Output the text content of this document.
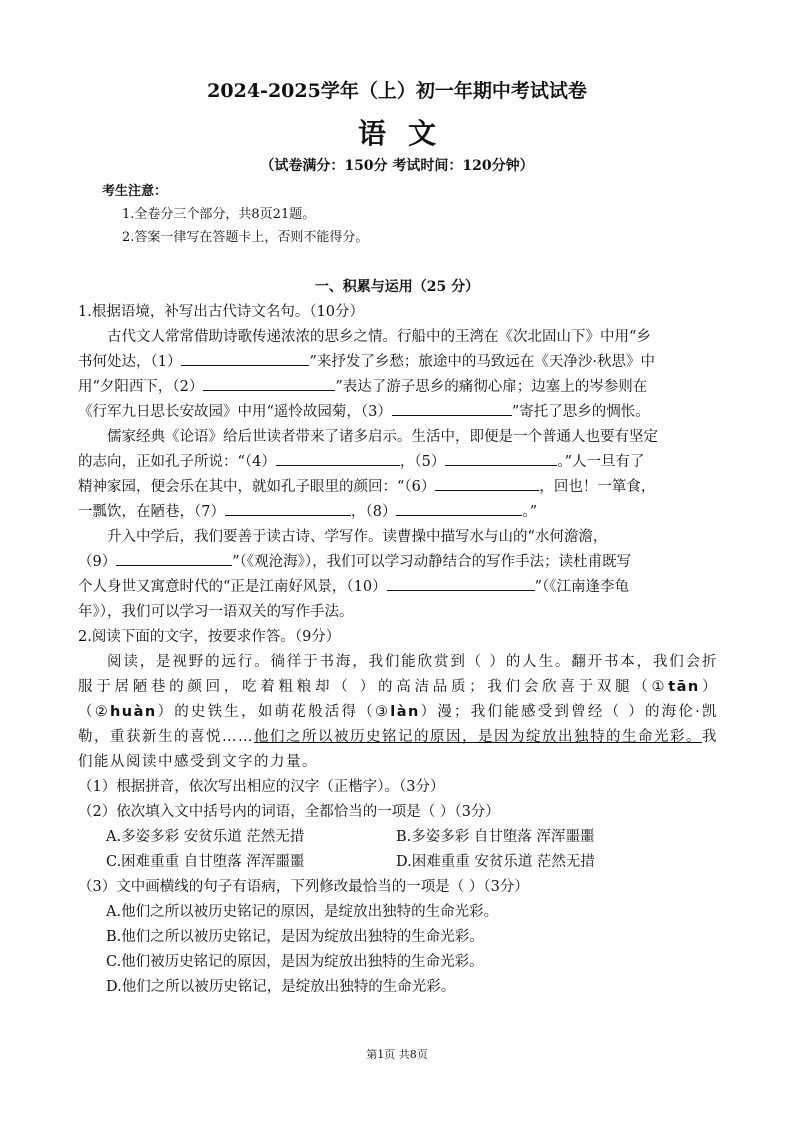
2024-2025学年（上）初一年期中考试试卷
语文
（试卷满分：150分 考试时间：120分钟）
考生注意：
1.全卷分三个部分，共8页21题。
2.答案一律写在答题卡上，否则不能得分。
一、积累与运用（25 分）

1.根据语境，补写出古代诗文名句。（10分）

古代文人常常借助诗歌传递浓浓的思乡之情。行船中的王湾在《次北固山下》中用“乡

书何处达，（1）	”来抒发了乡愁；旅途中的马致远在《天净沙·秋思》中

用“夕阳西下，（2）	”表达了游子思乡的痛彻心扉；边塞上的岑参则在

《行军九日思长安故园》中用“遥怜故园菊，（3）	”寄托了思乡的惆怅。

儒家经典《论语》给后世读者带来了诸多启示。生活中，即便是一个普通人也要有坚定

的志向，正如孔子所说：“（4）	，（5）	。”人一旦有了

精神家园，便会乐在其中，就如孔子眼里的颜回：“（6）	，回也！一箪食，

一瓢饮，在陋巷，（7）	，（8）	。”

升入中学后，我们要善于读古诗、学写作。读曹操中描写水与山的“水何澹澹，

（9）	”（《观沧海》），我们可以学习动静结合的写作手法；读杜甫既写

个人身世又寓意时代的“正是江南好风景，（10）	”（《江南逢李龟

年》），我们可以学习一语双关的写作手法。

2.阅读下面的文字，按要求作答。（9分）

阅读，是视野的远行。徜徉于书海，我们能欣赏到（ ）的人生。翻开书本，我们会折服于居陋巷的颜回，吃着粗粮却（ ）的高洁品质；我们会欣喜于双腿（①tān）（②huàn）的史铁生，如萌花般活得（③làn）漫；我们能感受到曾经（ ）的海伦·凯勒，重获新生的喜悦……他们之所以被历史铭记的原因，是因为绽放出独特的生命光彩。我们能从阅读中感受到文字的力量。

（1）根据拼音，依次写出相应的汉字（正楷字）。（3分）

（2）依次填入文中括号内的词语，全都恰当的一项是（ ）（3分）

A.多姿多彩 安贫乐道 茫然无措	B.多姿多彩 自甘堕落 浑浑噩噩
C.困难重重 自甘堕落 浑浑噩噩	D.困难重重 安贫乐道 茫然无措

（3）文中画横线的句子有语病，下列修改最恰当的一项是（ ）（3分）

A.他们之所以被历史铭记的原因，是绽放出独特的生命光彩。

B.他们之所以被历史铭记，是因为绽放出独特的生命光彩。

C.他们被历史铭记的原因，是因为绽放出独特的生命光彩。

D.他们之所以被历史铭记，是绽放出独特的生命光彩。

第1页 共8页
